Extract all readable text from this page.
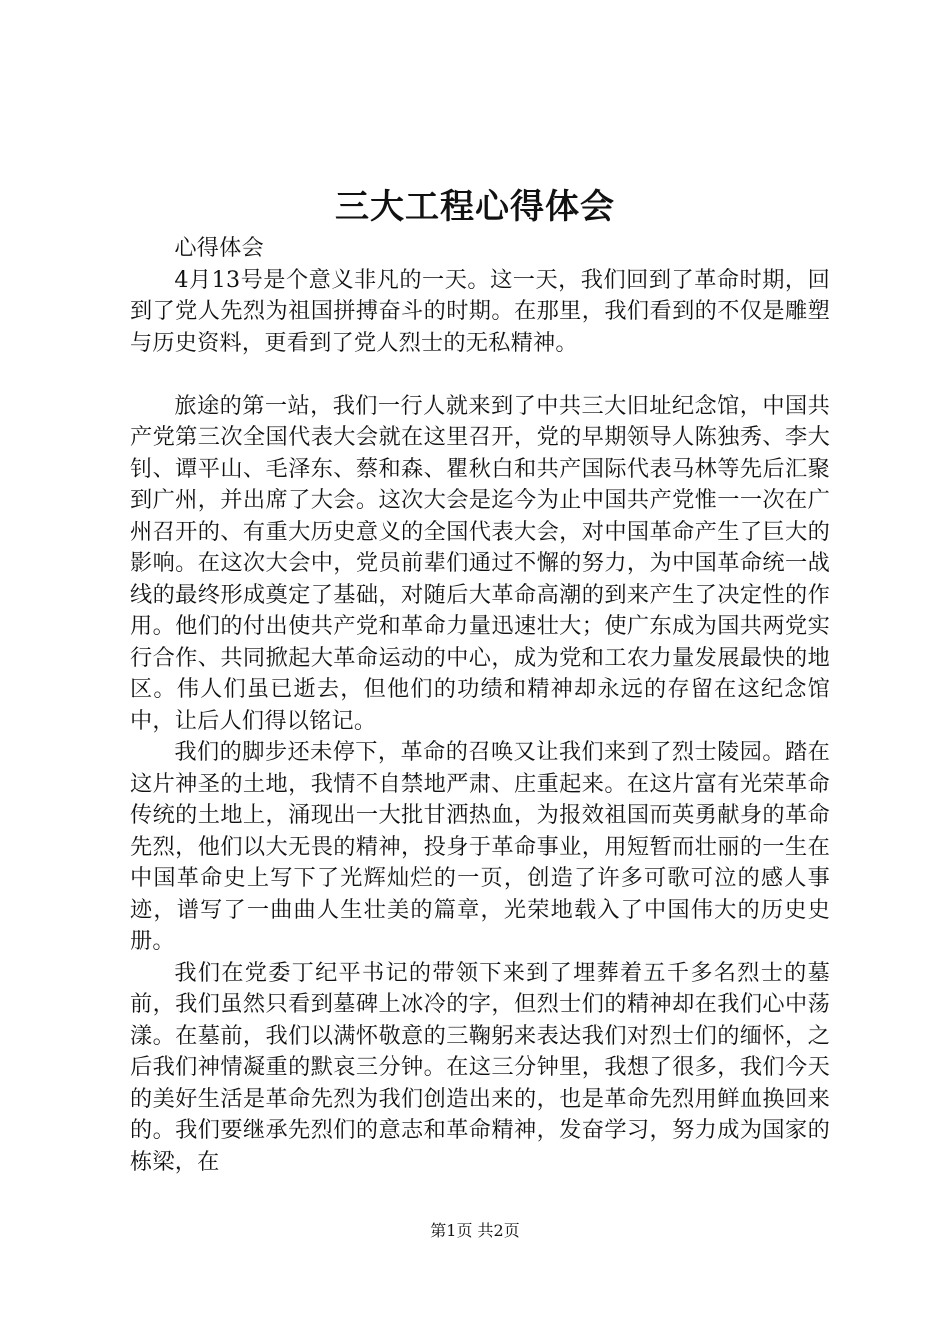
三大工程心得体会

心得体会

4月13号是个意义非凡的一天。这一天，我们回到了革命时期，回到了党人先烈为祖国拼搏奋斗的时期。在那里，我们看到的不仅是雕塑与历史资料，更看到了党人烈士的无私精神。

旅途的第一站，我们一行人就来到了中共三大旧址纪念馆，中国共产党第三次全国代表大会就在这里召开，党的早期领导人陈独秀、李大钊、谭平山、毛泽东、蔡和森、瞿秋白和共产国际代表马林等先后汇聚到广州，并出席了大会。这次大会是迄今为止中国共产党惟一一次在广州召开的、有重大历史意义的全国代表大会，对中国革命产生了巨大的影响。在这次大会中，党员前辈们通过不懈的努力，为中国革命统一战线的最终形成奠定了基础，对随后大革命高潮的到来产生了决定性的作用。他们的付出使共产党和革命力量迅速壮大；使广东成为国共两党实行合作、共同掀起大革命运动的中心，成为党和工农力量发展最快的地区。伟人们虽已逝去，但他们的功绩和精神却永远的存留在这纪念馆中，让后人们得以铭记。

我们的脚步还未停下，革命的召唤又让我们来到了烈士陵园。踏在这片神圣的土地，我情不自禁地严肃、庄重起来。在这片富有光荣革命传统的土地上，涌现出一大批甘洒热血，为报效祖国而英勇献身的革命先烈，他们以大无畏的精神，投身于革命事业，用短暂而壮丽的一生在中国革命史上写下了光辉灿烂的一页，创造了许多可歌可泣的感人事迹，谱写了一曲曲人生壮美的篇章，光荣地载入了中国伟大的历史史册。

我们在党委丁纪平书记的带领下来到了埋葬着五千多名烈士的墓前，我们虽然只看到墓碑上冰冷的字，但烈士们的精神却在我们心中荡漾。在墓前，我们以满怀敬意的三鞠躬来表达我们对烈士们的缅怀，之后我们神情凝重的默哀三分钟。在这三分钟里，我想了很多，我们今天的美好生活是革命先烈为我们创造出来的，也是革命先烈用鲜血换回来的。我们要继承先烈们的意志和革命精神，发奋学习，努力成为国家的栋梁，在

第1页 共2页
